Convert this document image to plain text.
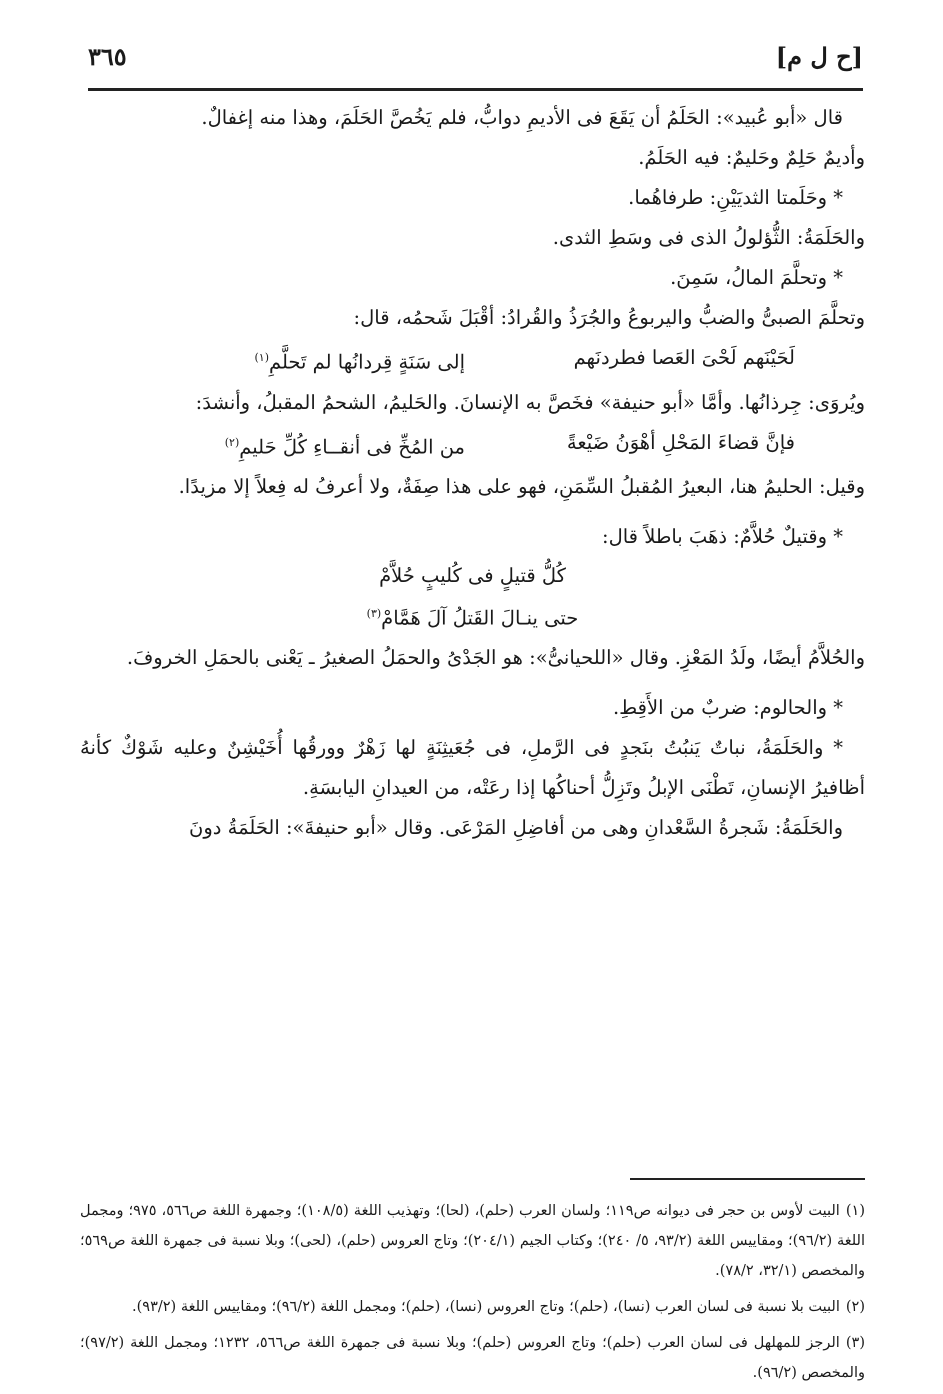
[ح ل م]
٣٦٥

قال «أبو عُبيد»: الحَلَمُ أن يَقَعَ فى الأديمِ دوابُّ، فلم يَخُصَّ الحَلَمَ، وهذا منه إغفالٌ.

وأديمٌ حَلِمٌ وحَليمٌ: فيه الحَلَمُ.

* وحَلَمتا الثديَيْنِ: طرفاهُما.

والحَلَمَةُ: الثُّؤلولُ الذى فى وسَطِ الثدى.

* وتحلَّمَ المالُ، سَمِنَ.

وتحلَّمَ الصبىُّ والضبُّ واليربوعُ والجُرَذُ والقُرادُ: أقْبَلَ شَحمُه، قال:

لَحَيْنَهم لَحْىَ العَصا فطردنَهم
إلى سَنَةٍ قِردانُها لم تَحلَّمِ$^{(١)}$

ويُروَى: جِرذانُها. وأمَّا «أبو حنيفة» فخَصَّ به الإنسانَ. والحَليمُ، الشحمُ المقبلُ، وأنشدَ:

فإنَّ قضاءَ المَحْلِ أهْوَنُ ضَيْعةً
من المُخِّ فى أنقــاءِ كُلِّ حَليمِ$^{(٢)}$

وقيل: الحليمُ هنا، البعيرُ المُقبلُ السِّمَنِ، فهو على هذا صِفَةٌ، ولا أعرفُ له فِعلاً إلا مزيدًا.

* وقتيلٌ حُلاَّمٌ: ذهَبَ باطلاً قال:

كُلُّ قتيلٍ فى كُليبٍ حُلاَّمْ
حتى ينـالَ القَتلُ آلَ هَمَّامْ$^{(٣)}$

والحُلاَّمُ أيضًا، ولَدُ المَعْزِ. وقال «اللحيانىُّ»: هو الجَدْىُ والحمَلُ الصغيرُ ـ يَعْنى بالحمَلِ الخروفَ.

* والحالوم: ضربٌ من الأَقِطِ.

* والحَلَمَةُ، نباتٌ يَنبُتُ بنَجدٍ فى الرَّملِ، فى جُعَيثِنَةٍ لها زَهْرٌ وورقُها أُخَيْشِنٌ وعليه شَوْكٌ كأنهُ أظافيرُ الإنسانِ، تَطْنَى الإبلُ وتَزِلُّ أحناكُها إذا رعَتْه، من العيدانِ اليابسَةِ.

والحَلَمَةُ: شَجرةُ السَّعْدانِ وهى من أفاضِلِ المَرْعَى. وقال «أبو حنيفةَ»: الحَلَمَةُ دونَ

(١)البيت لأوس بن حجر فى ديوانه ص١١٩؛ ولسان العرب (حلم)، (لحا)؛ وتهذيب اللغة (١٠٨/٥)؛ وجمهرة اللغة ص٥٦٦، ٩٧٥؛ ومجمل اللغة (٩٦/٢)؛ ومقاييس اللغة (٩٣/٢، ٥/ ٢٤٠)؛ وكتاب الجيم (٢٠٤/١)؛ وتاج العروس (حلم)، (لحى)؛ وبلا نسبة فى جمهرة اللغة ص٥٦٩؛ والمخصص (٣٢/١، ٧٨/٢).

(٢)البيت بلا نسبة فى لسان العرب (نسا)، (حلم)؛ وتاج العروس (نسا)، (حلم)؛ ومجمل اللغة (٩٦/٢)؛ ومقاييس اللغة (٩٣/٢).

(٣)الرجز للمهلهل فى لسان العرب (حلم)؛ وتاج العروس (حلم)؛ وبلا نسبة فى جمهرة اللغة ص٥٦٦، ١٢٣٢؛ ومجمل اللغة (٩٧/٢)؛ والمخصص (٩٦/٢).
